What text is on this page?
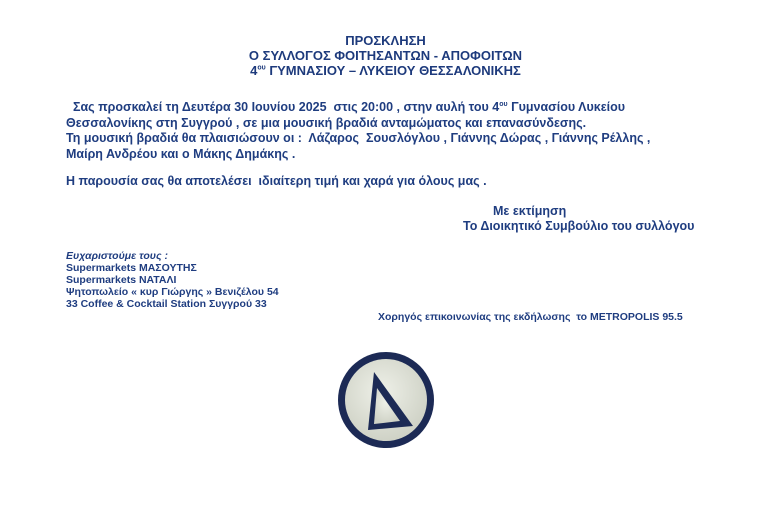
ΠΡΟΣΚΛΗΣΗ
Ο ΣΥΛΛΟΓΟΣ ΦΟΙΤΗΣΑΝΤΩΝ - ΑΠΟΦΟΙΤΩΝ
$4^{o\upsilon}$ ΓΥΜΝΑΣΙΟΥ – ΛΥΚΕΙΟΥ ΘΕΣΣΑΛΟΝΙΚΗΣ
Σας προσκαλεί τη Δευτέρα 30 Ιουνίου 2025  στις 20:00 , στην αυλή του $4^{o\upsilon}$ Γυμνασίου Λυκείου
Θεσσαλονίκης στη Συγγρού , σε μια μουσική βραδιά ανταμώματος και επανασύνδεσης.
Τη μουσική βραδιά θα πλαισιώσουν οι :  Λάζαρος  Σουσλόγλου , Γιάννης Δώρας , Γιάννης Ρέλλης ,
Μαίρη Ανδρέου και ο Μάκης Δημάκης .
Η παρουσία σας θα αποτελέσει  ιδιαίτερη τιμή και χαρά για όλους μας .
Με εκτίμηση
Το Διοικητικό Συμβούλιο του συλλόγου
Ευχαριστούμε τους :
Supermarkets ΜΑΣΟΥΤΗΣ
Supermarkets ΝΑΤΑΛΙ
Ψητοπωλείο « κυρ Γιώργης » Βενιζέλου 54
33 Coffee & Cocktail Station Συγγρού 33
Χορηγός επικοινωνίας της εκδήλωσης  το METROPOLIS 95.5
